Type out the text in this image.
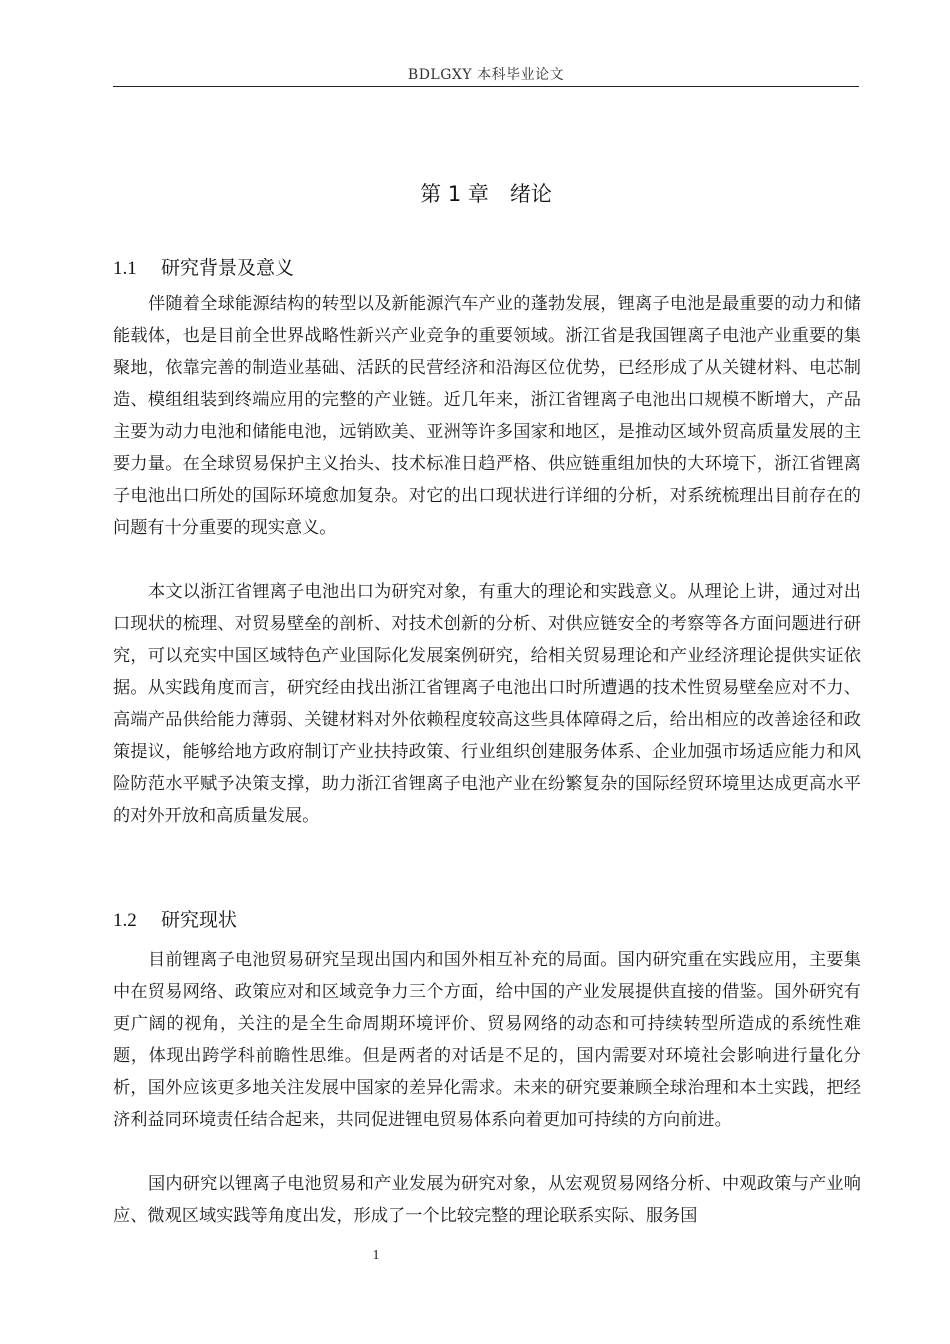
BDLGXY 本科毕业论文
第 1 章　绪论
1.1 研究背景及意义

伴随着全球能源结构的转型以及新能源汽车产业的蓬勃发展，锂离子电池是最重要的动力和储能载体，也是目前全世界战略性新兴产业竞争的重要领域。浙江省是我国锂离子电池产业重要的集聚地，依靠完善的制造业基础、活跃的民营经济和沿海区位优势，已经形成了从关键材料、电芯制造、模组组装到终端应用的完整的产业链。近几年来，浙江省锂离子电池出口规模不断增大，产品主要为动力电池和储能电池，远销欧美、亚洲等许多国家和地区，是推动区域外贸高质量发展的主要力量。在全球贸易保护主义抬头、技术标准日趋严格、供应链重组加快的大环境下，浙江省锂离子电池出口所处的国际环境愈加复杂。对它的出口现状进行详细的分析，对系统梳理出目前存在的问题有十分重要的现实意义。

本文以浙江省锂离子电池出口为研究对象，有重大的理论和实践意义。从理论上讲，通过对出口现状的梳理、对贸易壁垒的剖析、对技术创新的分析、对供应链安全的考察等各方面问题进行研究，可以充实中国区域特色产业国际化发展案例研究，给相关贸易理论和产业经济理论提供实证依据。从实践角度而言，研究经由找出浙江省锂离子电池出口时所遭遇的技术性贸易壁垒应对不力、高端产品供给能力薄弱、关键材料对外依赖程度较高这些具体障碍之后，给出相应的改善途径和政策提议，能够给地方政府制订产业扶持政策、行业组织创建服务体系、企业加强市场适应能力和风险防范水平赋予决策支撑，助力浙江省锂离子电池产业在纷繁复杂的国际经贸环境里达成更高水平的对外开放和高质量发展。

1.2 研究现状

目前锂离子电池贸易研究呈现出国内和国外相互补充的局面。国内研究重在实践应用，主要集中在贸易网络、政策应对和区域竞争力三个方面，给中国的产业发展提供直接的借鉴。国外研究有更广阔的视角，关注的是全生命周期环境评价、贸易网络的动态和可持续转型所造成的系统性难题，体现出跨学科前瞻性思维。但是两者的对话是不足的，国内需要对环境社会影响进行量化分析，国外应该更多地关注发展中国家的差异化需求。未来的研究要兼顾全球治理和本土实践，把经济利益同环境责任结合起来，共同促进锂电贸易体系向着更加可持续的方向前进。

国内研究以锂离子电池贸易和产业发展为研究对象，从宏观贸易网络分析、中观政策与产业响应、微观区域实践等角度出发，形成了一个比较完整的理论联系实际、服务国

1
